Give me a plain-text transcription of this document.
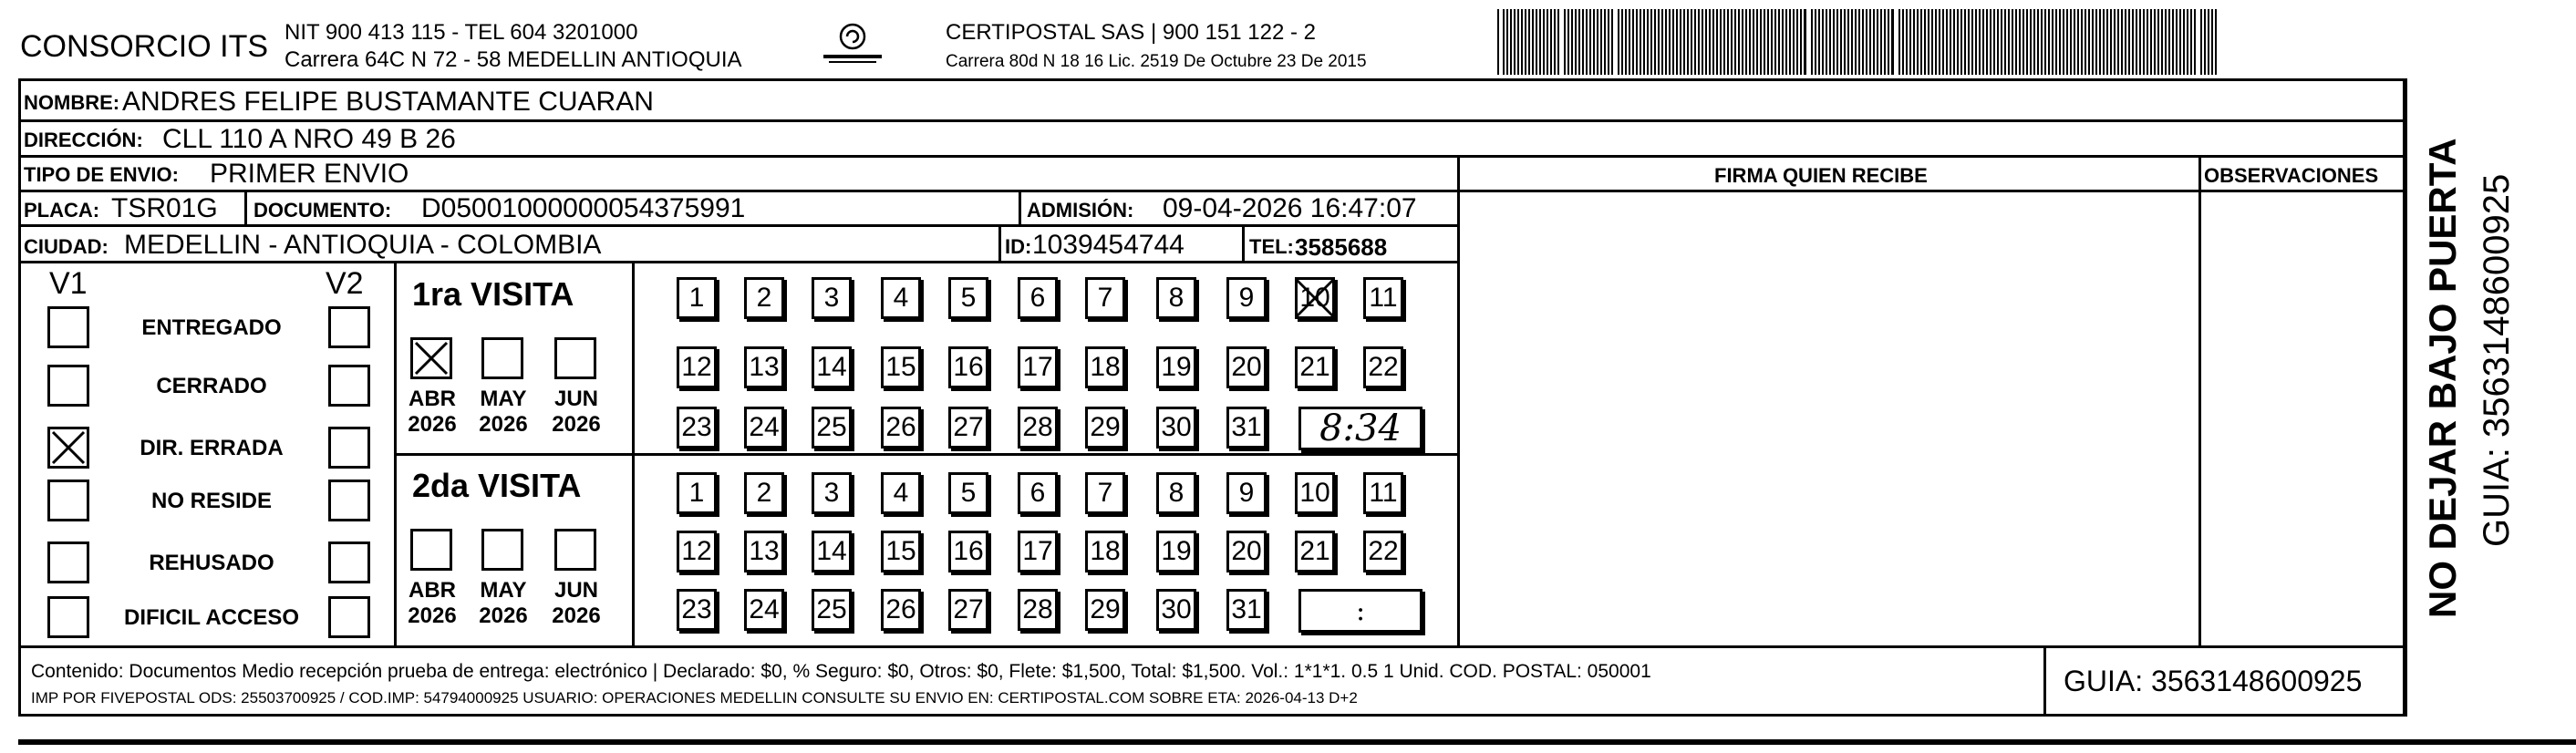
CONSORCIO ITS NIT 900 413 115 - TEL 604 3201000
Carrera 64C N 72 - 58 MEDELLIN ANTIOQUIA
CERTIPOSTAL SAS | 900 151 122 - 2
Carrera 80d N 18 16 Lic. 2519 De Octubre 23 De 2015
NOMBRE: ANDRES FELIPE BUSTAMANTE CUARAN
DIRECCIÓN: CLL 110 A NRO 49 B 26
TIPO DE ENVIO: PRIMER ENVIO	FIRMA QUIEN RECIBE	OBSERVACIONES
PLACA: TSR01G DOCUMENTO: D05001000000054375991	ADMISIÓN: 09-04-2026 16:47:07
CIUDAD: MEDELLIN - ANTIOQUIA - COLOMBIA	ID: 1039454744	TEL: 3585688
V1	V2
ENTREGADO
CERRADO
DIR. ERRADA
NO RESIDE
REHUSADO
DIFICIL ACCESO
1ra VISITA
2da VISITA
ABR
2026
MAY
2026
JUN
2026
ABR
2026
MAY
2026
JUN
2026
1	2	3	4	5	6	7	8	9	10 11
12 13 14 15 16 17 18 19 20 21 22
23 24 25 26 27 28 29 30 31	8:34
1	2	3	4	5	6	7	8	9	10 11
12 13 14 15 16 17 18 19 20 21 22
23 24 25 26 27 28 29 30 31	:
Contenido: Documentos Medio recepción prueba de entrega: electrónico | Declarado: $0, % Seguro: $0, Otros: $0, Flete: $1,500, Total: $1,500. Vol.: 1*1*1. 0.5 1 Unid. COD. POSTAL: 050001
IMP POR FIVEPOSTAL ODS: 25503700925 / COD.IMP: 54794000925 USUARIO: OPERACIONES MEDELLIN CONSULTE SU ENVIO EN: CERTIPOSTAL.COM SOBRE ETA: 2026-04-13 D+2
GUIA: 3563148600925
NO DEJAR BAJO PUERTA GUIA: 3563148600925
